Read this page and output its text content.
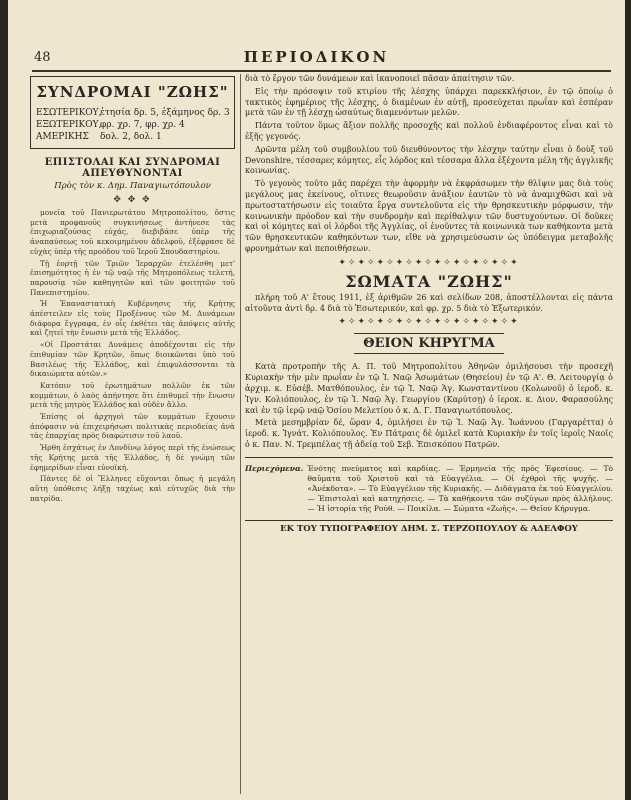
48	ΠΕΡΙΟΔΙΚΟΝ
ΣΥΝΔΡΟΜΑΙ "ΖΩΗΣ"
ΕΣΩΤΕΡΙΚΟΥ,
ἐτησία δρ. 5, ἑξάμηνος δρ. 3
ΕΞΩΤΕΡΙΚΟΥ,
φρ. χρ. 7, φρ. χρ. 4
ΑΜΕΡΙΚΗΣ	δολ. 2, δολ. 1
ΕΠΙΣΤΟΛΑΙ ΚΑΙ ΣΥΝΔΡΟΜΑΙ ΑΠΕΥΘΥΝΟΝΤΑΙ
Πρὸς τὸν κ. Δημ. Παναγιωτόπουλον
✥ ✥ ✥

μονεῖα τοῦ Πανιερωτάτου Μητροπολίτου, ὅστις μετὰ προφανοῦς συγκινήσεως ἀντήνεσε τὰς ἐπιχωριαζούσας εὐχάς, διεβιβάσε ὑπὲρ τῆς ἀναπαύσεως τοῦ κεκοιμημένου ἀδελφοῦ, ἐξέφρασε δὲ εὐχὰς ὑπὲρ τῆς προόδου τοῦ Ἱεροῦ Σπουδαστηρίου.

Τῇ ἑορτῇ τῶν Τριῶν Ἱεραρχῶν ἐτελέσθη μετ' ἐπισημότητος ἡ ἐν τῷ ναῷ τῆς Μητροπόλεως τελετή, παρουσίᾳ τῶν καθηγητῶν καὶ τῶν φοιτητῶν τοῦ Πανεπιστημίου.

Ἡ Ἐπαναστατικὴ Κυβέρνησις τῆς Κρήτης ἀπέστειλεν εἰς τοὺς Προξένους τῶν Μ. Δυνάμεων διάφορα ἔγγραφα, ἐν οἷς ἐκθέτει τὰς ἀπόψεις αὐτῆς καὶ ζητεῖ τὴν ἕνωσιν μετὰ τῆς Ἑλλάδος.

«Οἱ Προστάται Δυνάμεις ἀποδέχονται εἰς τὴν ἐπιθυμίαν τῶν Κρητῶν, ὅπως διοικῶνται ὑπὸ τοῦ Βασιλέως τῆς Ἑλλάδος, καὶ ἐπιφυλάσσονται τὰ δικαιώματα αὐτῶν.»

Κατόπιν τοῦ ἐρωτημάτων πολλῶν ἐκ τῶν κομμάτων, ὁ λαὸς ἀπήντησε ὅτι ἐπιθυμεῖ τὴν ἕνωσιν μετὰ τῆς μητρὸς Ἑλλάδος καὶ οὐδὲν ἄλλο.

Ἐπίσης οἱ ἀρχηγοὶ τῶν κομμάτων ἔχουσιν ἀπόφασιν νὰ ἐπιχειρήσωσι πολιτικὰς περιοδείας ἀνὰ τὰς ἐπαρχίας πρὸς διαφώτισιν τοῦ λαοῦ.

Ἠρθη ἐσχάτως ἐν Λονδίνῳ λόγος περὶ τῆς ἑνώσεως τῆς Κρήτης μετὰ τῆς Ἑλλάδος, ἡ δὲ γνώμη τῶν ἐφημερίδων εἶναι εὐνοϊκή.

Πάντες δὲ οἱ Ἕλληνες εὔχονται ὅπως ἡ μεγάλη αὕτη ὑπόθεσις λήξῃ ταχέως καὶ εὐτυχῶς διὰ τὴν πατρίδα.

διὰ τὸ ἔργον τῶν δυνάμεων καὶ ἱκανοποιεῖ πᾶσαν ἀπαίτησιν τῶν.

Εἰς τὴν πρόσοψιν τοῦ κτιρίου τῆς λέσχης ὑπάρχει παρεκκλήσιον, ἐν τῷ ὁποίῳ ὁ τακτικὸς ἐφημέριος τῆς λέσχης, ὁ διαμένων ἐν αὐτῇ, προσεύχεται πρωΐαν καὶ ἑσπέραν μετὰ τῶν ἐν τῇ λέσχῃ ὡσαύτως διαμενόντων μελῶν.

Πάντα τοῦτον ὅμως ἄξιον πολλῆς προσοχῆς καὶ πολλοῦ ἐνδιαφέροντος εἶναι καὶ τὸ ἑξῆς γεγονός.

Δρῶντα μέλη τοῦ συμβουλίου τοῦ διευθύνοντος τὴν λέσχην ταύτην εἶναι ὁ δοὺξ τοῦ Devonshire, τέσσαρες κόμητες, εἷς λόρδος καὶ τέσσαρα ἄλλα ἐξέχοντα μέλη τῆς ἀγγλικῆς κοινωνίας.

Τὸ γεγονὸς τοῦτο μᾶς παρέχει τὴν ἀφορμὴν νὰ ἐκφράσωμεν τὴν θλῖψιν μας διὰ τοὺς μεγάλους μας ἐκείνους, οἵτινες θεωροῦσιν ἀνάξιον ἑαυτῶν τὸ νὰ ἀναμιχθῶσι καὶ νὰ πρωτοστατήσωσιν εἰς τοιαῦτα ἔργα συντελοῦντα εἰς τὴν θρησκευτικὴν μόρφωσιν, τὴν κοινωνικὴν πρόοδον καὶ τὴν συνδρομὴν καὶ περίθαλψιν τῶν δυστυχούντων. Οἱ δοῦκες καὶ οἱ κόμητες καὶ οἱ λόρδοι τῆς Ἀγγλίας, οἱ ἑνοῦντες τὰ κοινωνικὰ των καθήκοντα μετὰ τῶν θρησκευτικῶν καθηκόντων των, εἴθε νὰ χρησιμεύσωσιν ὡς ὑπόδειγμα μεταβολῆς φρονημάτων καὶ πεποιθήσεων.

✦✧✦✧✦✧✦✧✦✧✦✧✦✧✦✧✦✧✦
ΣΩΜΑΤΑ "ΖΩΗΣ"

πλήρη τοῦ Α' ἔτους 1911, ἐξ ἀριθμῶν 26 καὶ σελίδων 208, ἀποστέλλονται εἰς πάντα αἰτοῦντα ἀντὶ δρ. 4 διὰ τὸ Ἐσωτερικόν, καὶ φρ. χρ. 5 διὰ τὸ Ἐξωτερικόν.

✦✧✦✧✦✧✦✧✦✧✦✧✦✧✦✧✦✧✦
ΘΕΙΟΝ ΚΗΡΥΓΜΑ

Κατὰ προτροπὴν τῆς Α. Π. τοῦ Μητροπολίτου Ἀθηνῶν ὁμιλήσουσι τὴν προσεχῆ Κυριακὴν τὴν μὲν πρωΐαν ἐν τῷ Ἱ. Ναῷ Ἀσωμάτων (Θησείου) ἐν τῷ Α'. Θ. Λειτουργίᾳ ὁ ἀρχιμ. κ. Εὐσέβ. Ματθόπουλος, ἐν τῷ Ἱ. Ναῷ Ἁγ. Κωνσταντίνου (Κολωνοῦ) ὁ ἱεροδ. κ. Ἰγν. Κολιόπουλος, ἐν τῷ Ἱ. Ναῷ Ἁγ. Γεωργίου (Καρύτσῃ) ὁ ἱεροκ. κ. Διον. Φαρασούλης καὶ ἐν τῷ ἱερῷ ναῷ Ὁσίου Μελετίου ὁ κ. Δ. Γ. Παναγιωτόπουλος.

Μετὰ μεσημβρίαν δέ, ὥραν 4, ὁμιλήσει ἐν τῷ Ἱ. Ναῷ Ἁγ. Ἰωάννου (Γαργαρέττα) ὁ ἱεροδ. κ. Ἰγνάτ. Κολιόπουλος. Ἐν Πάτραις δὲ ὁμιλεῖ κατὰ Κυριακὴν ἐν τοῖς ἱεροῖς Ναοῖς ὁ κ. Παν. Ν. Τρεμπέλας τῇ ἀδείᾳ τοῦ Σεβ. Ἐπισκόπου Πατρῶν.

Περιεχόμενα. Ἐνότης πνεύματος καὶ καρδίας. — Ἐρμηνεία τῆς πρὸς Ἐφεσίους. — Τὸ θαῦματα τοῦ Χριστοῦ καὶ τὰ Εὐαγγέλια. — Οἱ ἐχθροὶ τῆς ψυχῆς. — «Ἀνέκδοτα». — Τὸ Εὐαγγέλιον τῆς Κυριακῆς. — Διδάγματα ἐκ τοῦ Εὐαγγελίου. — Ἐπιστολαὶ καὶ κατηχήσεις. — Τὰ καθήκοντα τῶν συζύγων πρὸς ἀλλήλους. — Ἡ ἱστορία τῆς Ρούθ. — Ποικίλα. — Σώματα «Ζωῆς». — Θεῖον Κήρυγμα.
ΕΚ ΤΟΥ ΤΥΠΟΓΡΑΦΕΙΟΥ ΔΗΜ. Σ. ΤΕΡΖΟΠΟΥΛΟΥ & ΑΔΕΛΦΟΥ
